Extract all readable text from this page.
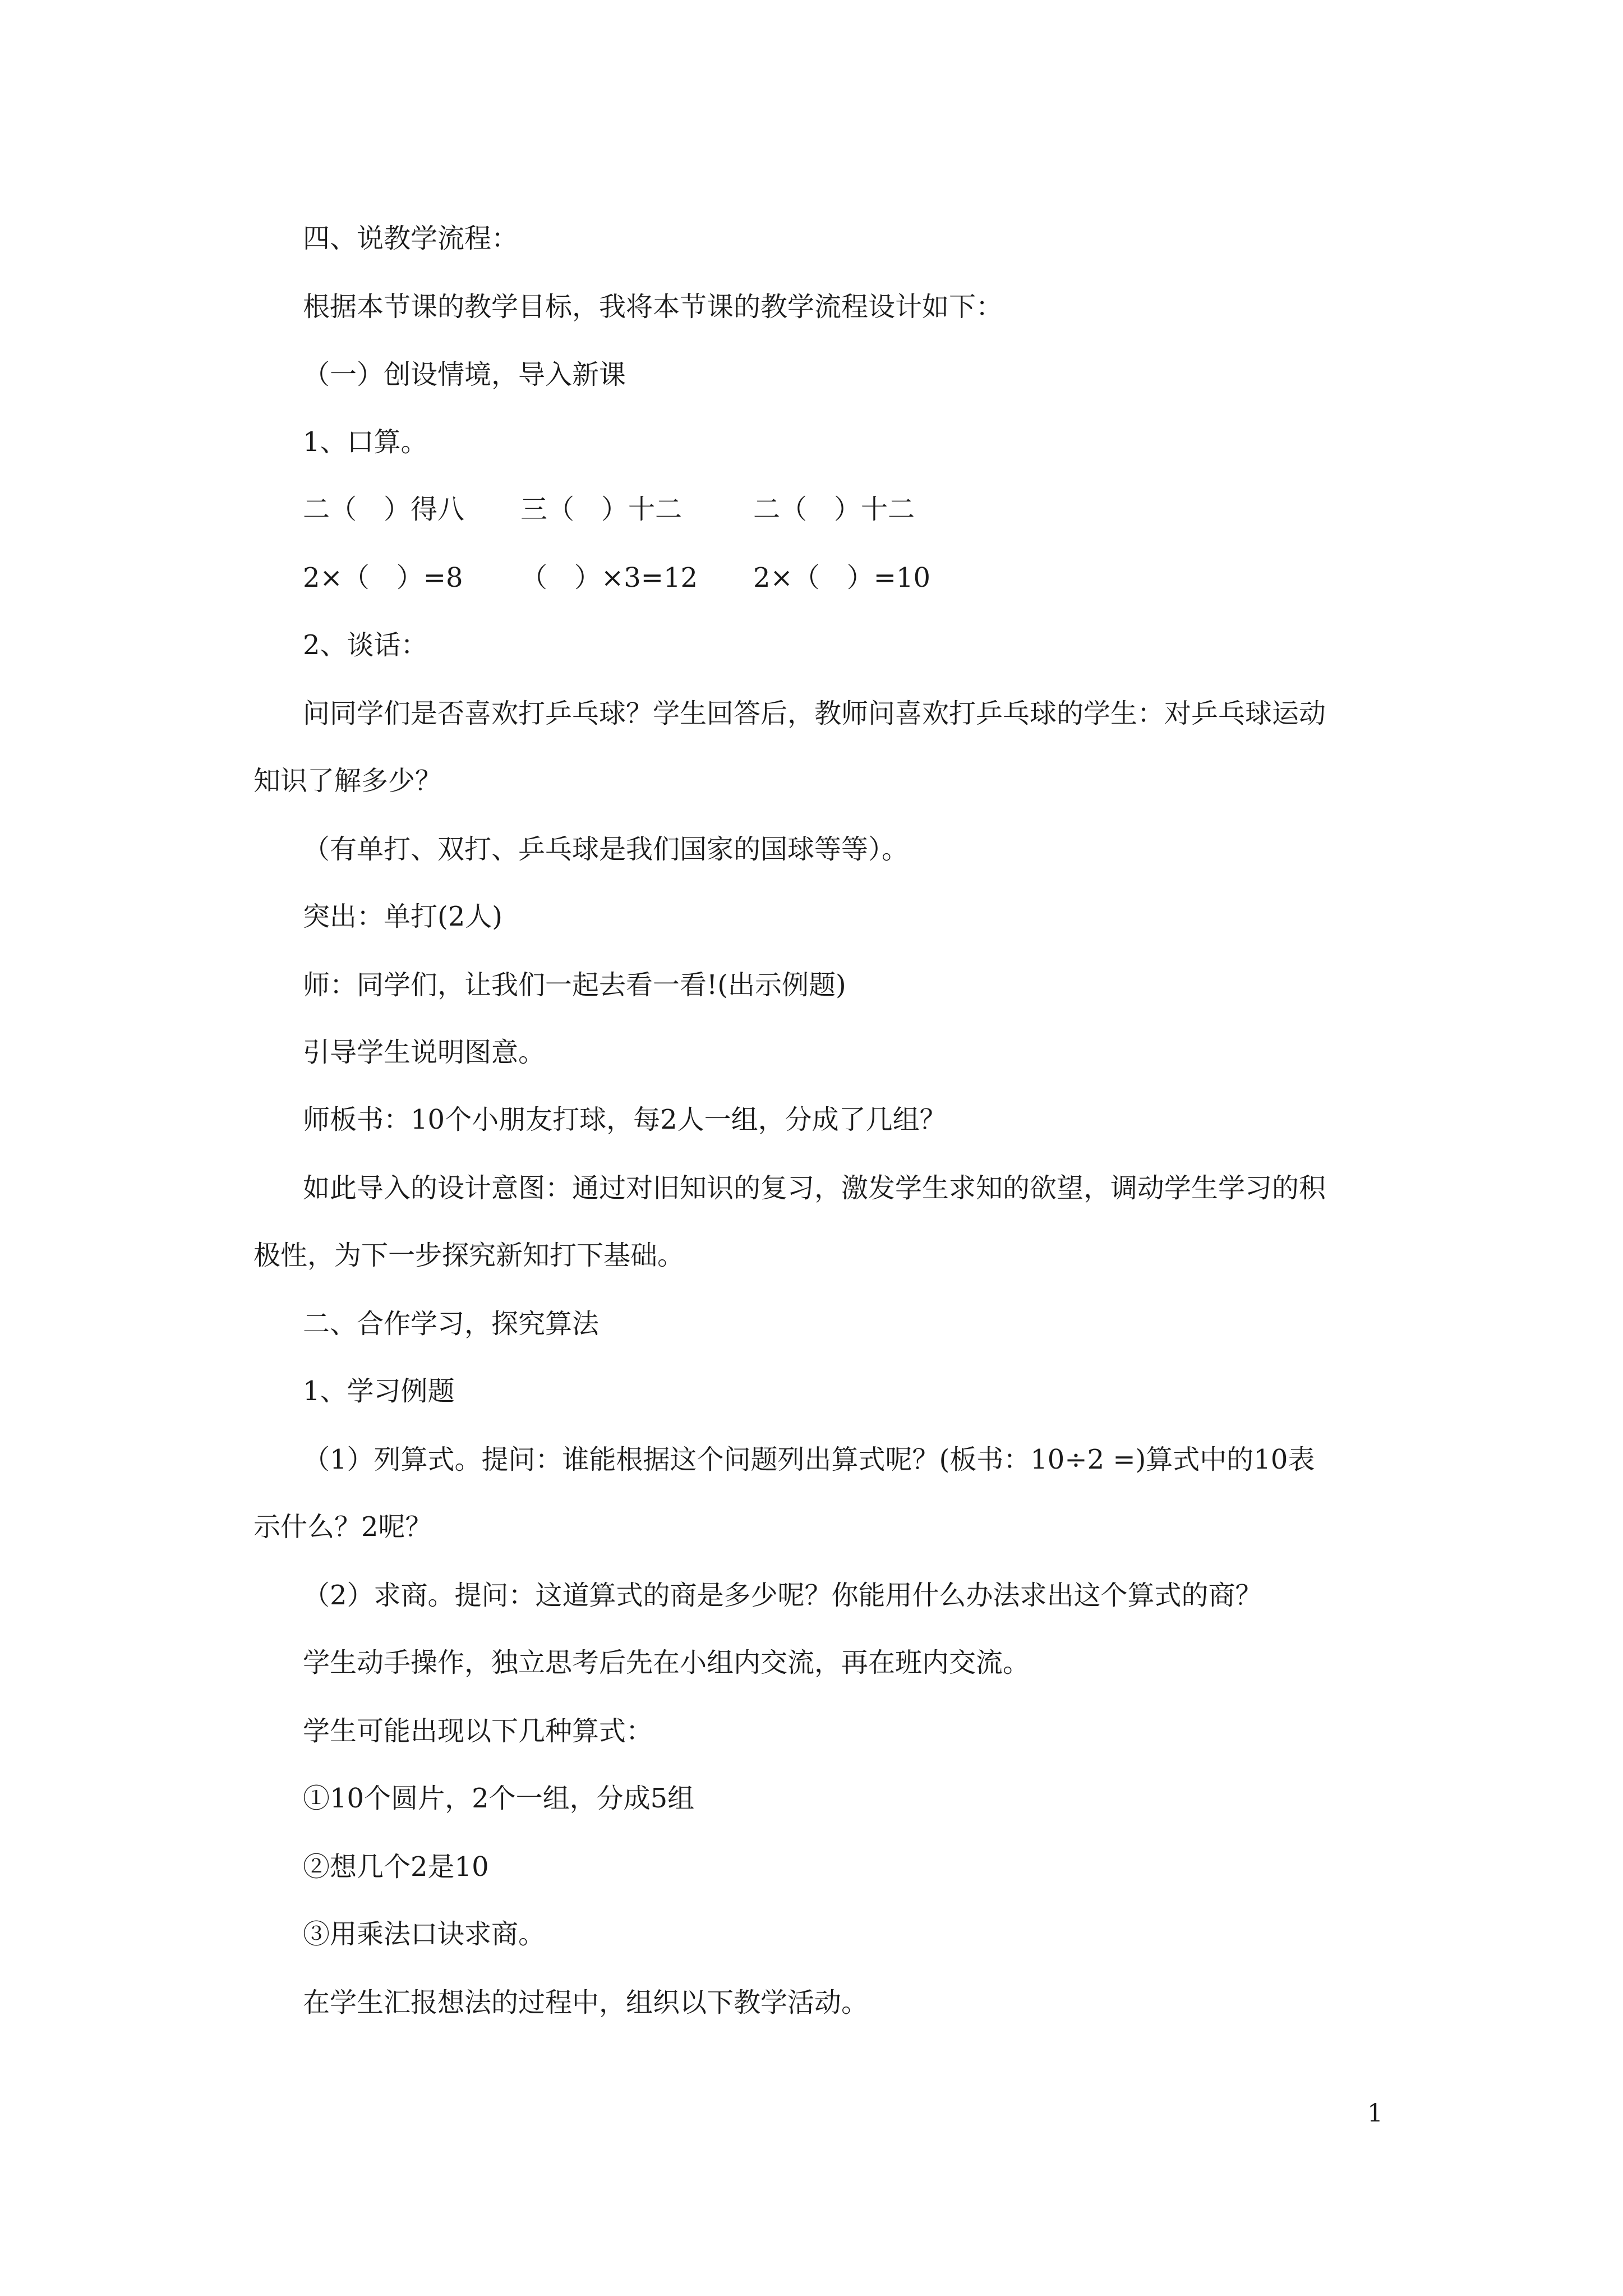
四、说教学流程：

根据本节课的教学目标，我将本节课的教学流程设计如下：

（一）创设情境，导入新课

1、口算。

二（　）得八 三（　）十二	二（　）十二
2×（　）=8 （　）×3=12 2×（　）=10

2、谈话：

问同学们是否喜欢打乒乓球？学生回答后，教师问喜欢打乒乓球的学生：对乒乓球运动

知识了解多少？

（有单打、双打、乒乓球是我们国家的国球等等）。

突出：单打(2人)

师：同学们，让我们一起去看一看!(出示例题)

引导学生说明图意。

师板书：10个小朋友打球，每2人一组，分成了几组？

如此导入的设计意图：通过对旧知识的复习，激发学生求知的欲望，调动学生学习的积

极性，为下一步探究新知打下基础。

二、合作学习，探究算法

1、学习例题

（1）列算式。提问：谁能根据这个问题列出算式呢？(板书：10÷2 =)算式中的10表

示什么？2呢？

（2）求商。提问：这道算式的商是多少呢？你能用什么办法求出这个算式的商？

学生动手操作，独立思考后先在小组内交流，再在班内交流。

学生可能出现以下几种算式：

①10个圆片，2个一组，分成5组

②想几个2是10

③用乘法口诀求商。

在学生汇报想法的过程中，组织以下教学活动。

1
